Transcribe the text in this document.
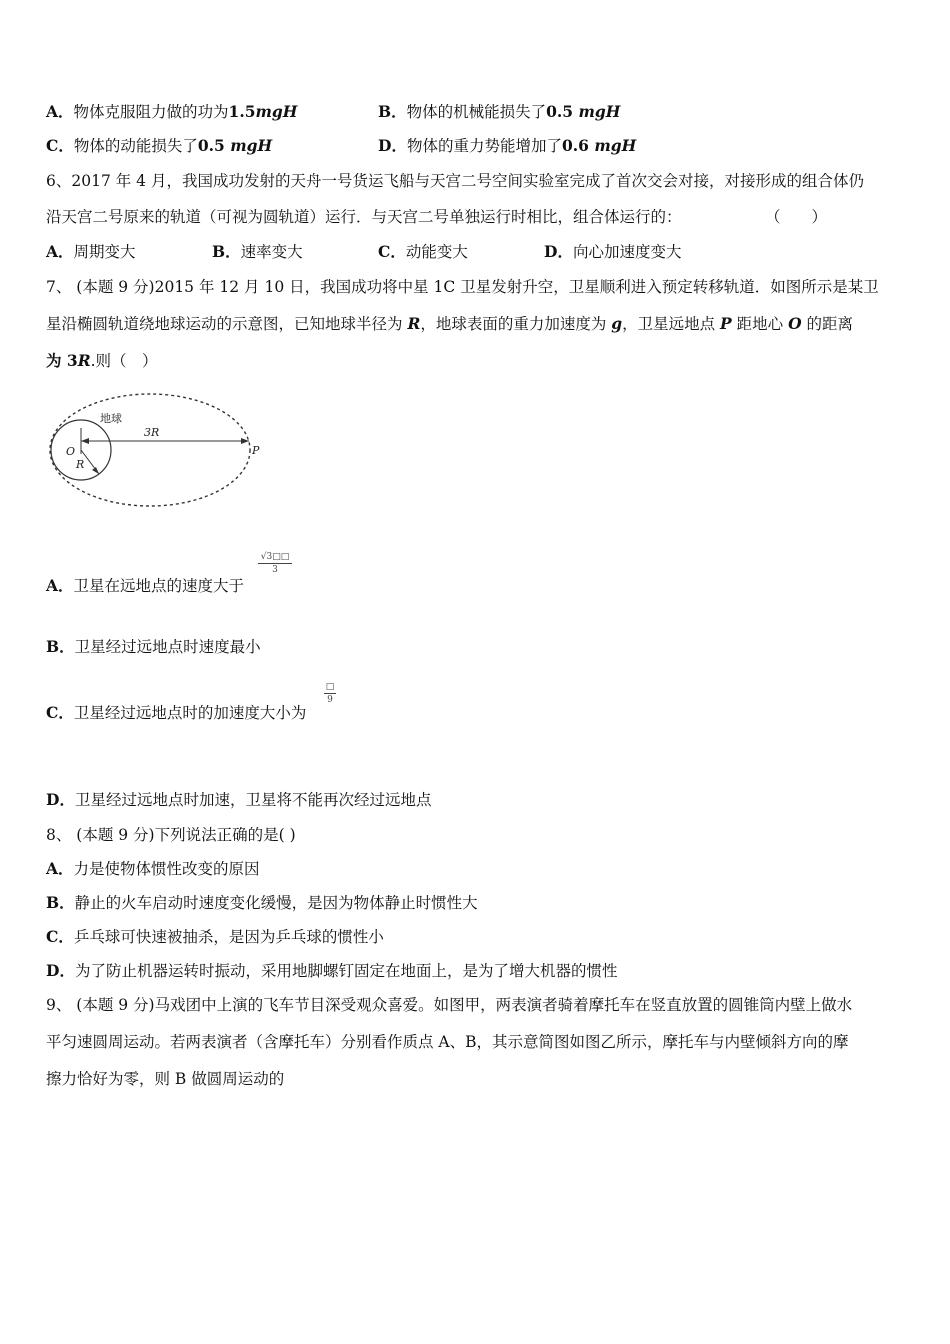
A．物体克服阻力做的功为1.5mgH	B．物体的机械能损失了0.5 mgH
C．物体的动能损失了0.5 mgH	D．物体的重力势能增加了0.6 mgH
6、2017 年 4 月，我国成功发射的天舟一号货运飞船与天宫二号空间实验室完成了首次交会对接，对接形成的组合体仍
沿天宫二号原来的轨道（可视为圆轨道）运行．与天宫二号单独运行时相比，组合体运行的：	（　　）
A．周期变大	B．速率变大	C．动能变大	D．向心加速度变大
7、 (本题 9 分)2015 年 12 月 10 日，我国成功将中星 1C 卫星发射升空，卫星顺利进入预定转移轨道．如图所示是某卫
星沿椭圆轨道绕地球运动的示意图，已知地球半径为 R，地球表面的重力加速度为 g，卫星远地点 P 距地心 O 的距离
为 3R.则（　）
地球
3R
O
R
P
A．卫星在远地点的速度大于
$\frac{√3□□}{3}$
B．卫星经过远地点时速度最小
C．卫星经过远地点时的加速度大小为
□
9
D．卫星经过远地点时加速，卫星将不能再次经过远地点
8、 (本题 9 分)下列说法正确的是( )
A．力是使物体惯性改变的原因
B．静止的火车启动时速度变化缓慢，是因为物体静止时惯性大
C．乒乓球可快速被抽杀，是因为乒乓球的惯性小
D．为了防止机器运转时振动，采用地脚螺钉固定在地面上，是为了增大机器的惯性
9、 (本题 9 分)马戏团中上演的飞车节目深受观众喜爱。如图甲，两表演者骑着摩托车在竖直放置的圆锥筒内壁上做水
平匀速圆周运动。若两表演者（含摩托车）分别看作质点 A、B，其示意简图如图乙所示，摩托车与内壁倾斜方向的摩
擦力恰好为零，则 B 做圆周运动的
